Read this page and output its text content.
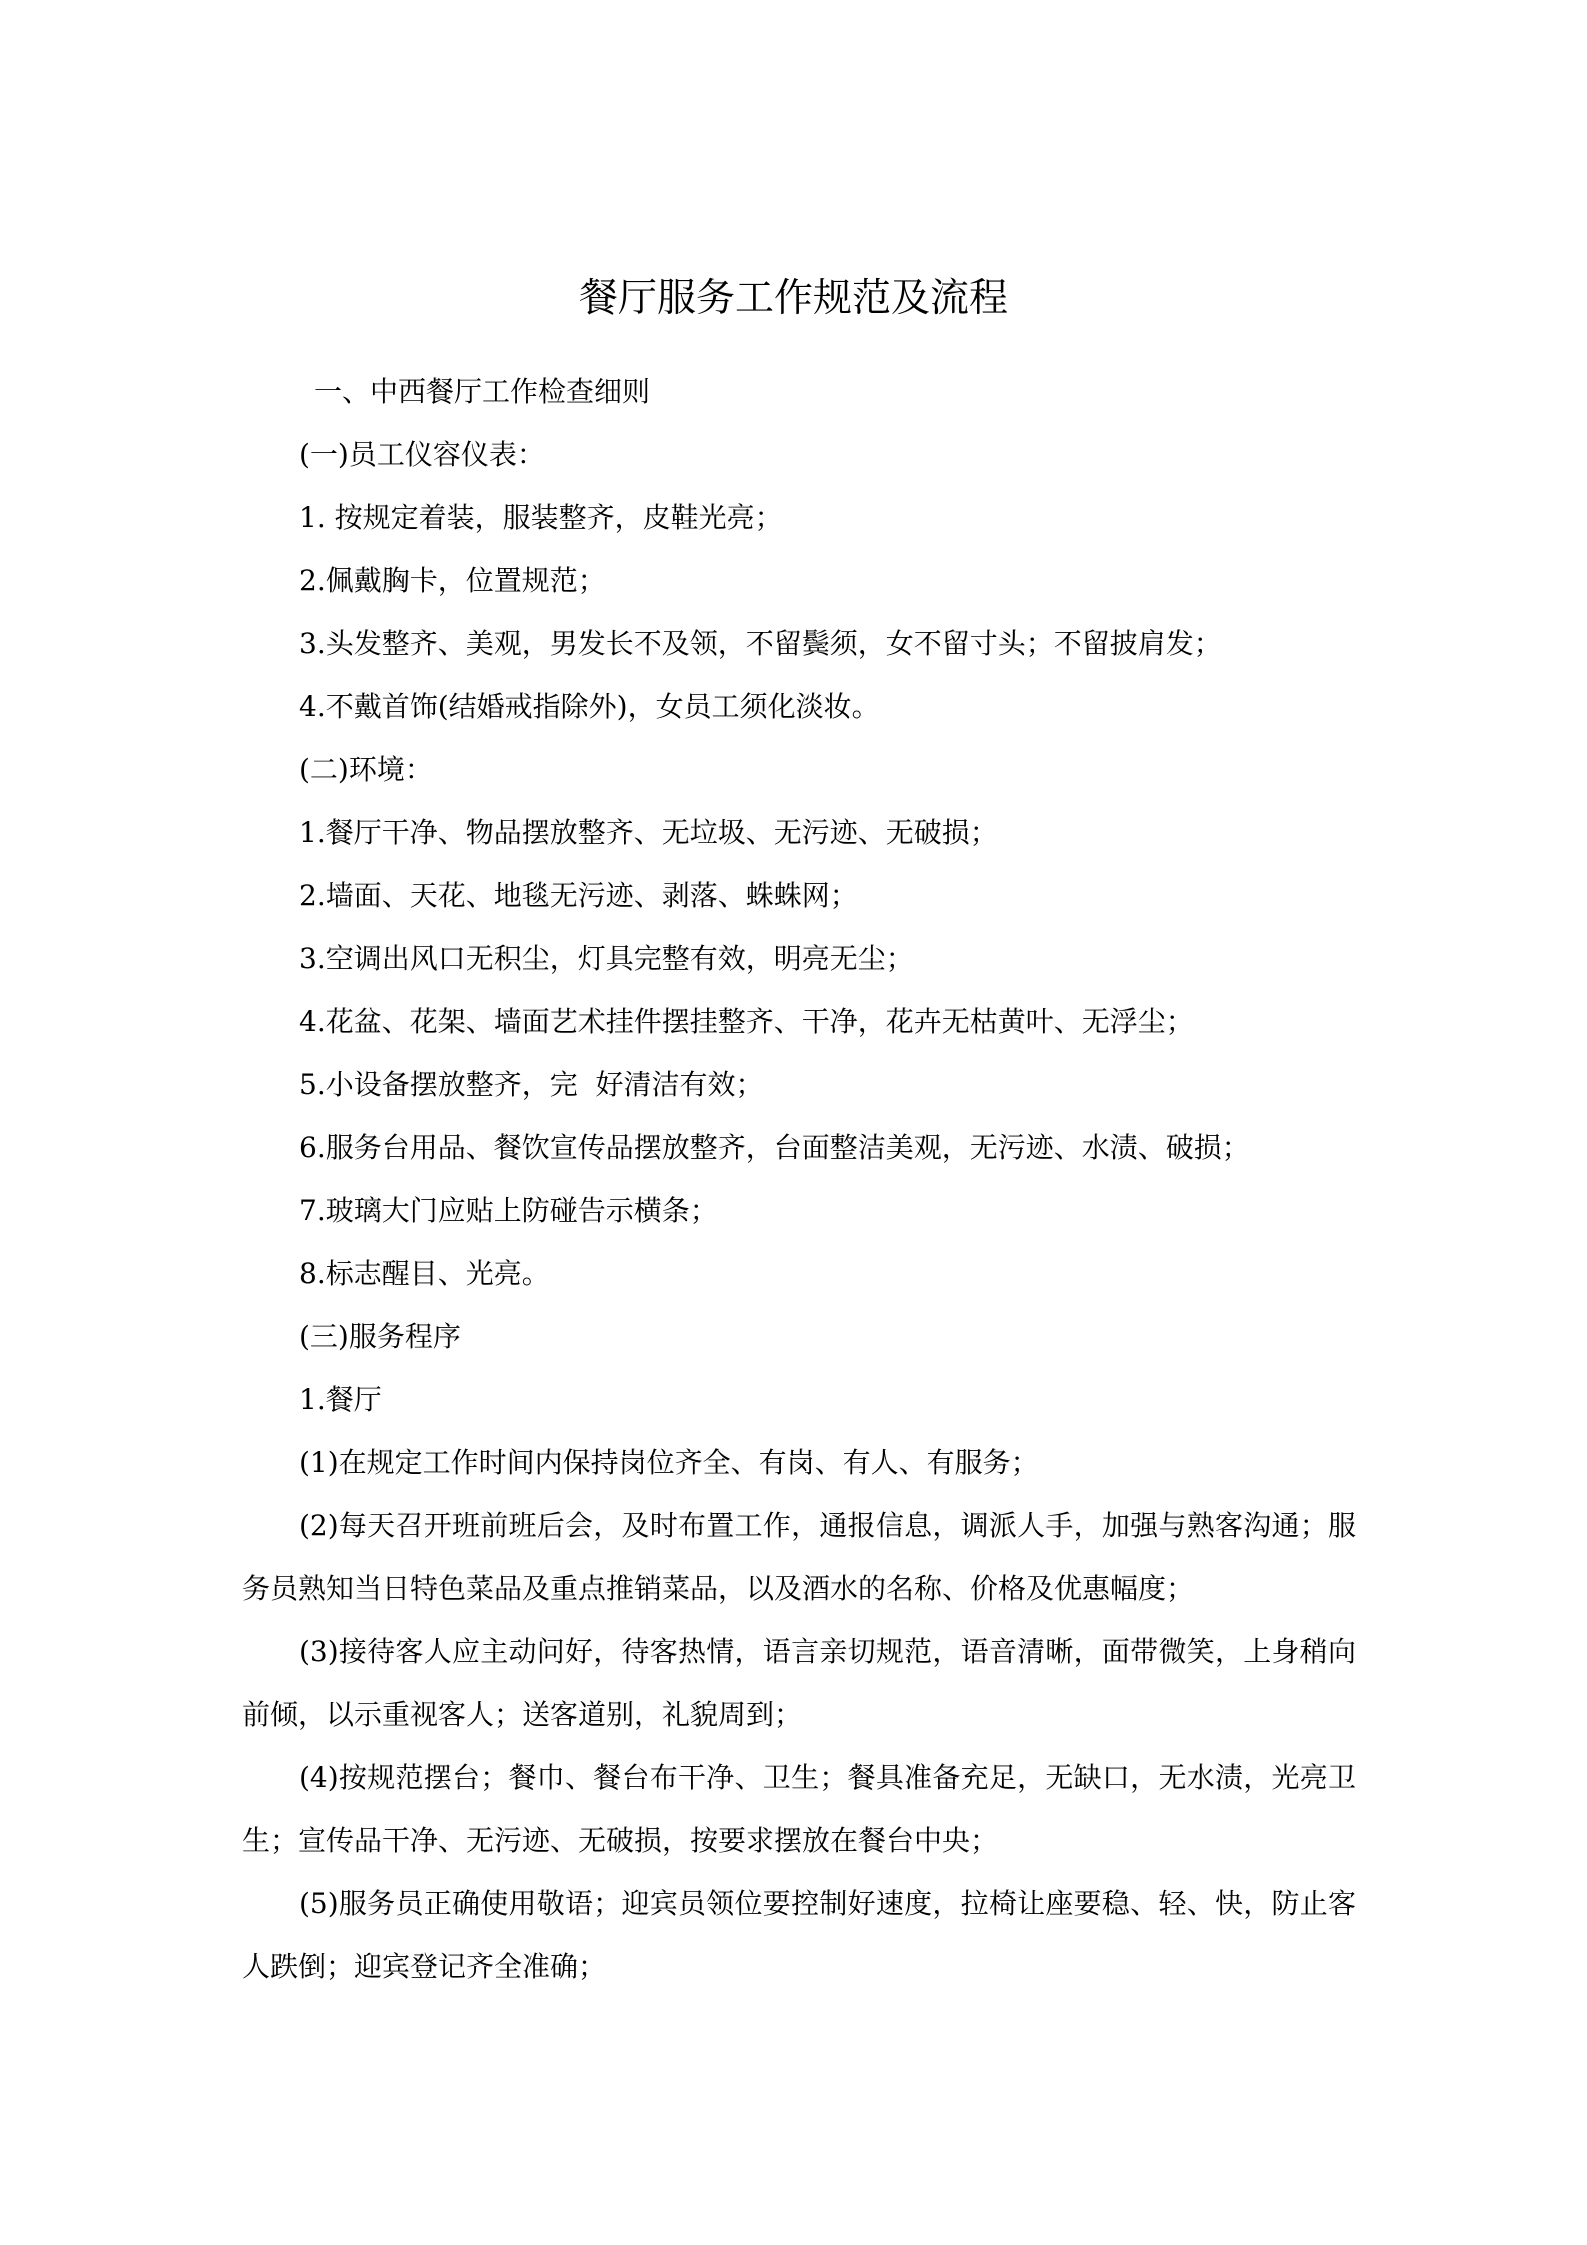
餐厅服务工作规范及流程
一、中西餐厅工作检查细则
(一)员工仪容仪表：
1. 按规定着装，服装整齐，皮鞋光亮；
2.佩戴胸卡，位置规范；
3.头发整齐、美观，男发长不及领，不留鬓须，女不留寸头；不留披肩发；
4.不戴首饰(结婚戒指除外)，女员工须化淡妆。
(二)环境：
1.餐厅干净、物品摆放整齐、无垃圾、无污迹、无破损；
2.墙面、天花、地毯无污迹、剥落、蛛蛛网；
3.空调出风口无积尘，灯具完整有效，明亮无尘；
4.花盆、花架、墙面艺术挂件摆挂整齐、干净，花卉无枯黄叶、无浮尘；
5.小设备摆放整齐，完  好清洁有效；
6.服务台用品、餐饮宣传品摆放整齐，台面整洁美观，无污迹、水渍、破损；
7.玻璃大门应贴上防碰告示横条；
8.标志醒目、光亮。
(三)服务程序
1.餐厅
(1)在规定工作时间内保持岗位齐全、有岗、有人、有服务；
(2)每天召开班前班后会，及时布置工作，通报信息，调派人手，加强与熟客沟通；服
务员熟知当日特色菜品及重点推销菜品，以及酒水的名称、价格及优惠幅度；
(3)接待客人应主动问好，待客热情，语言亲切规范，语音清晰，面带微笑，上身稍向
前倾，以示重视客人；送客道别，礼貌周到；
(4)按规范摆台；餐巾、餐台布干净、卫生；餐具准备充足，无缺口，无水渍，光亮卫
生；宣传品干净、无污迹、无破损，按要求摆放在餐台中央；
(5)服务员正确使用敬语；迎宾员领位要控制好速度，拉椅让座要稳、轻、快，防止客
人跌倒；迎宾登记齐全准确；
